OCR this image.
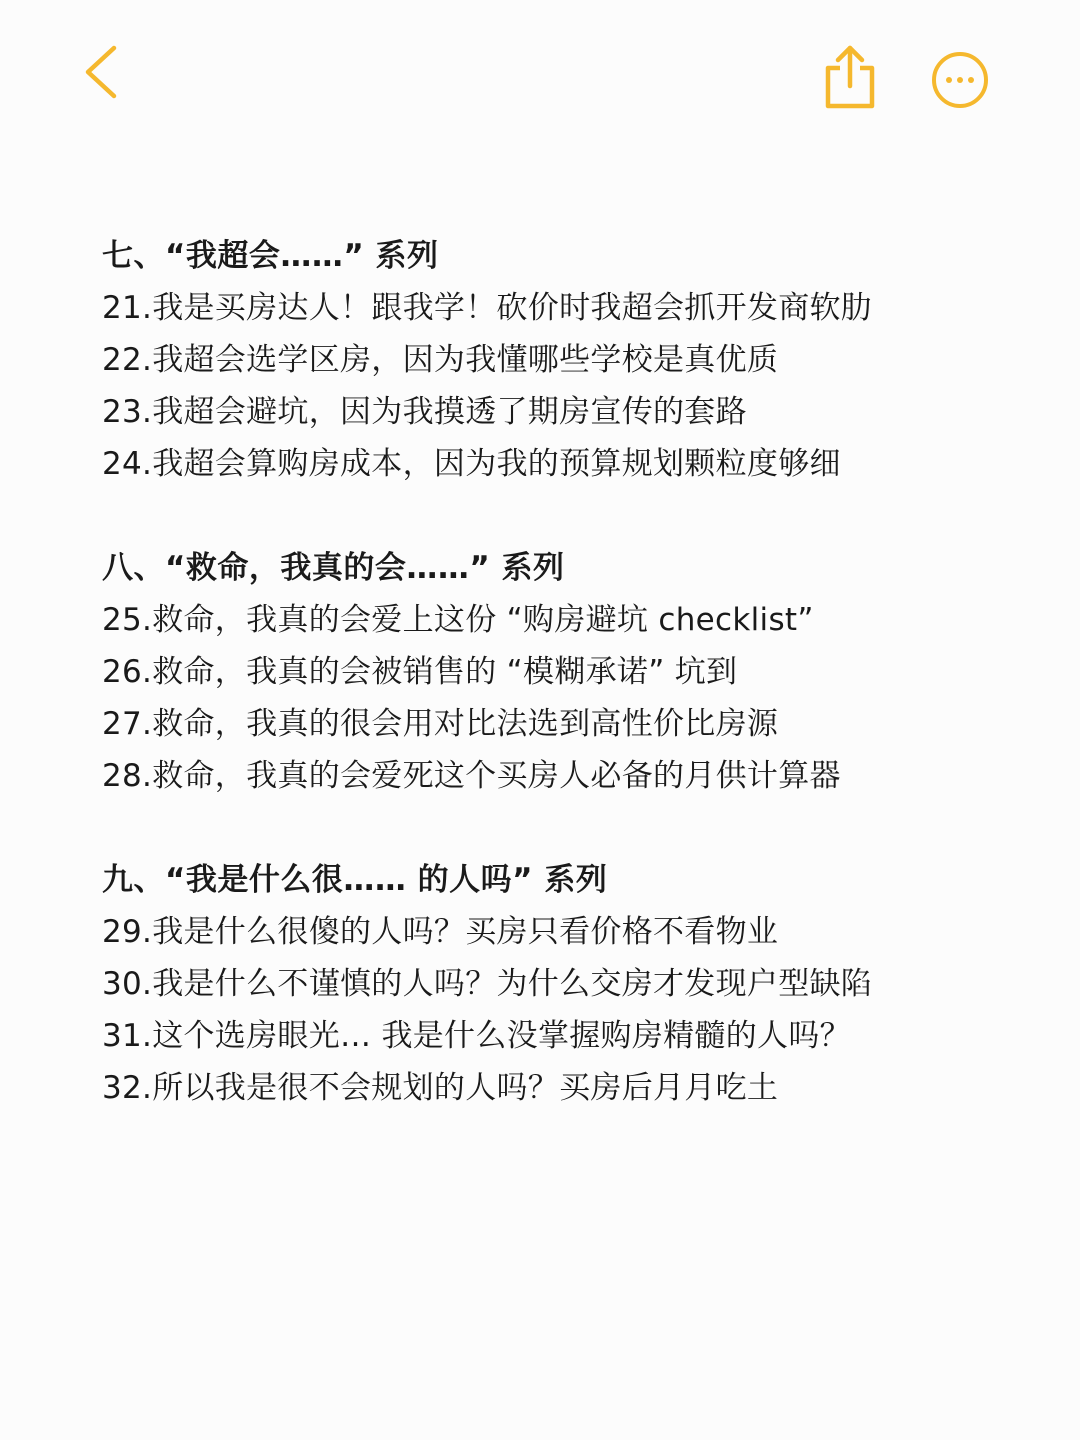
七、“我超会……” 系列
21.我是买房达人！跟我学！砍价时我超会抓开发商软肋
22.我超会选学区房，因为我懂哪些学校是真优质
23.我超会避坑，因为我摸透了期房宣传的套路
24.我超会算购房成本，因为我的预算规划颗粒度够细
八、“救命，我真的会……” 系列
25.救命，我真的会爱上这份 “购房避坑 checklist”
26.救命，我真的会被销售的 “模糊承诺” 坑到
27.救命，我真的很会用对比法选到高性价比房源
28.救命，我真的会爱死这个买房人必备的月供计算器
九、“我是什么很…… 的人吗” 系列
29.我是什么很傻的人吗？买房只看价格不看物业
30.我是什么不谨慎的人吗？为什么交房才发现户型缺陷
31.这个选房眼光… 我是什么没掌握购房精髓的人吗？
32.所以我是很不会规划的人吗？买房后月月吃土
